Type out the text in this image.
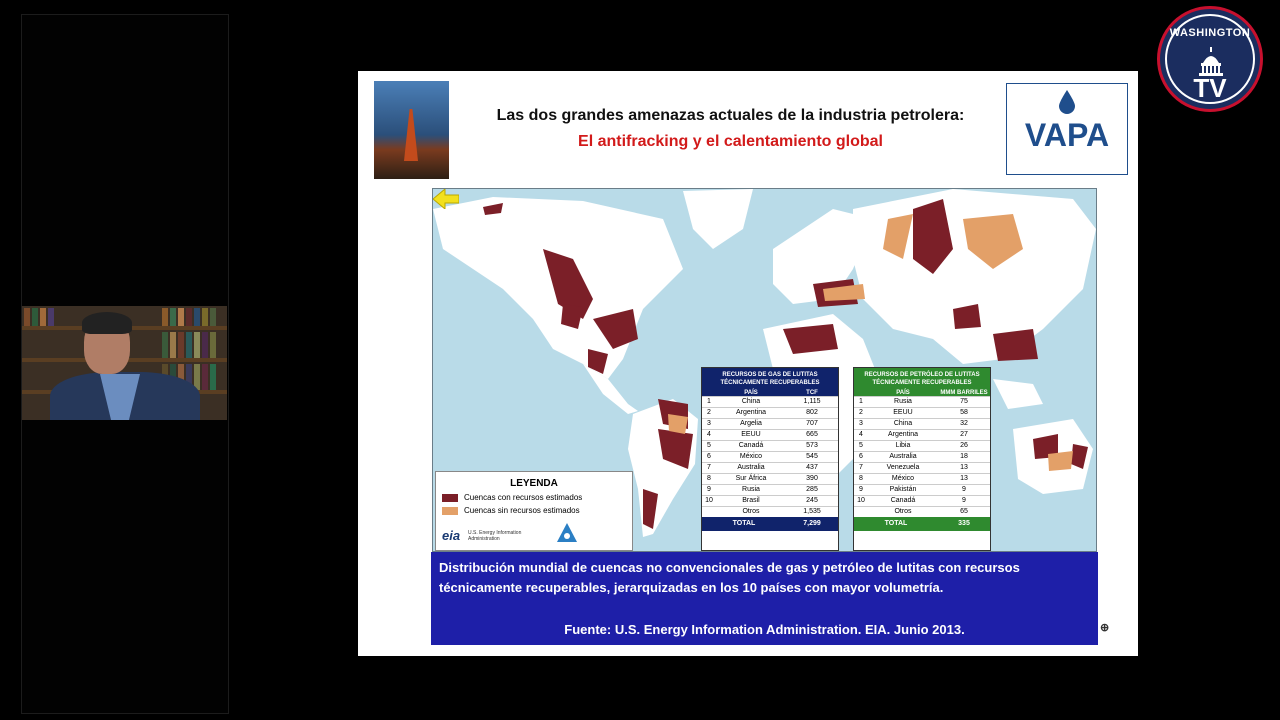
WASHINGTON
TV
Las dos grandes amenazas actuales de la industria petrolera:
El antifracking y el calentamiento global	VAPA

LEYENDA
Cuencas con recursos estimados
Cuencas sin recursos estimados
eia U.S. Energy Information Administration
RECURSOS DE GAS DE LUTITAS TÉCNICAMENTE RECUPERABLES
PAÍS	TCF
1	China	1,115
2	Argentina	802
3	Argelia	707
4	EEUU	665
5	Canadá	573
6	México	545
7	Australia	437
8	Sur África	390
9	Rusia	285
10	Brasil	245
Otros	1,535
TOTAL	7,299
RECURSOS DE PETRÓLEO DE LUTITAS TÉCNICAMENTE RECUPERABLES
PAÍS	MMM BARRILES
1	Rusia	75
2	EEUU	58
3	China	32
4	Argentina	27
5	Libia	26
6	Australia	18
7	Venezuela	13
8	México	13
9	Pakistán	9
10	Canadá	9
Otros	65
TOTAL	335
Distribución mundial de cuencas no convencionales de gas y petróleo de lutitas con recursos técnicamente recuperables, jerarquizadas en los 10 países con mayor volumetría.
Fuente: U.S. Energy Information Administration. EIA. Junio 2013.	⊕
